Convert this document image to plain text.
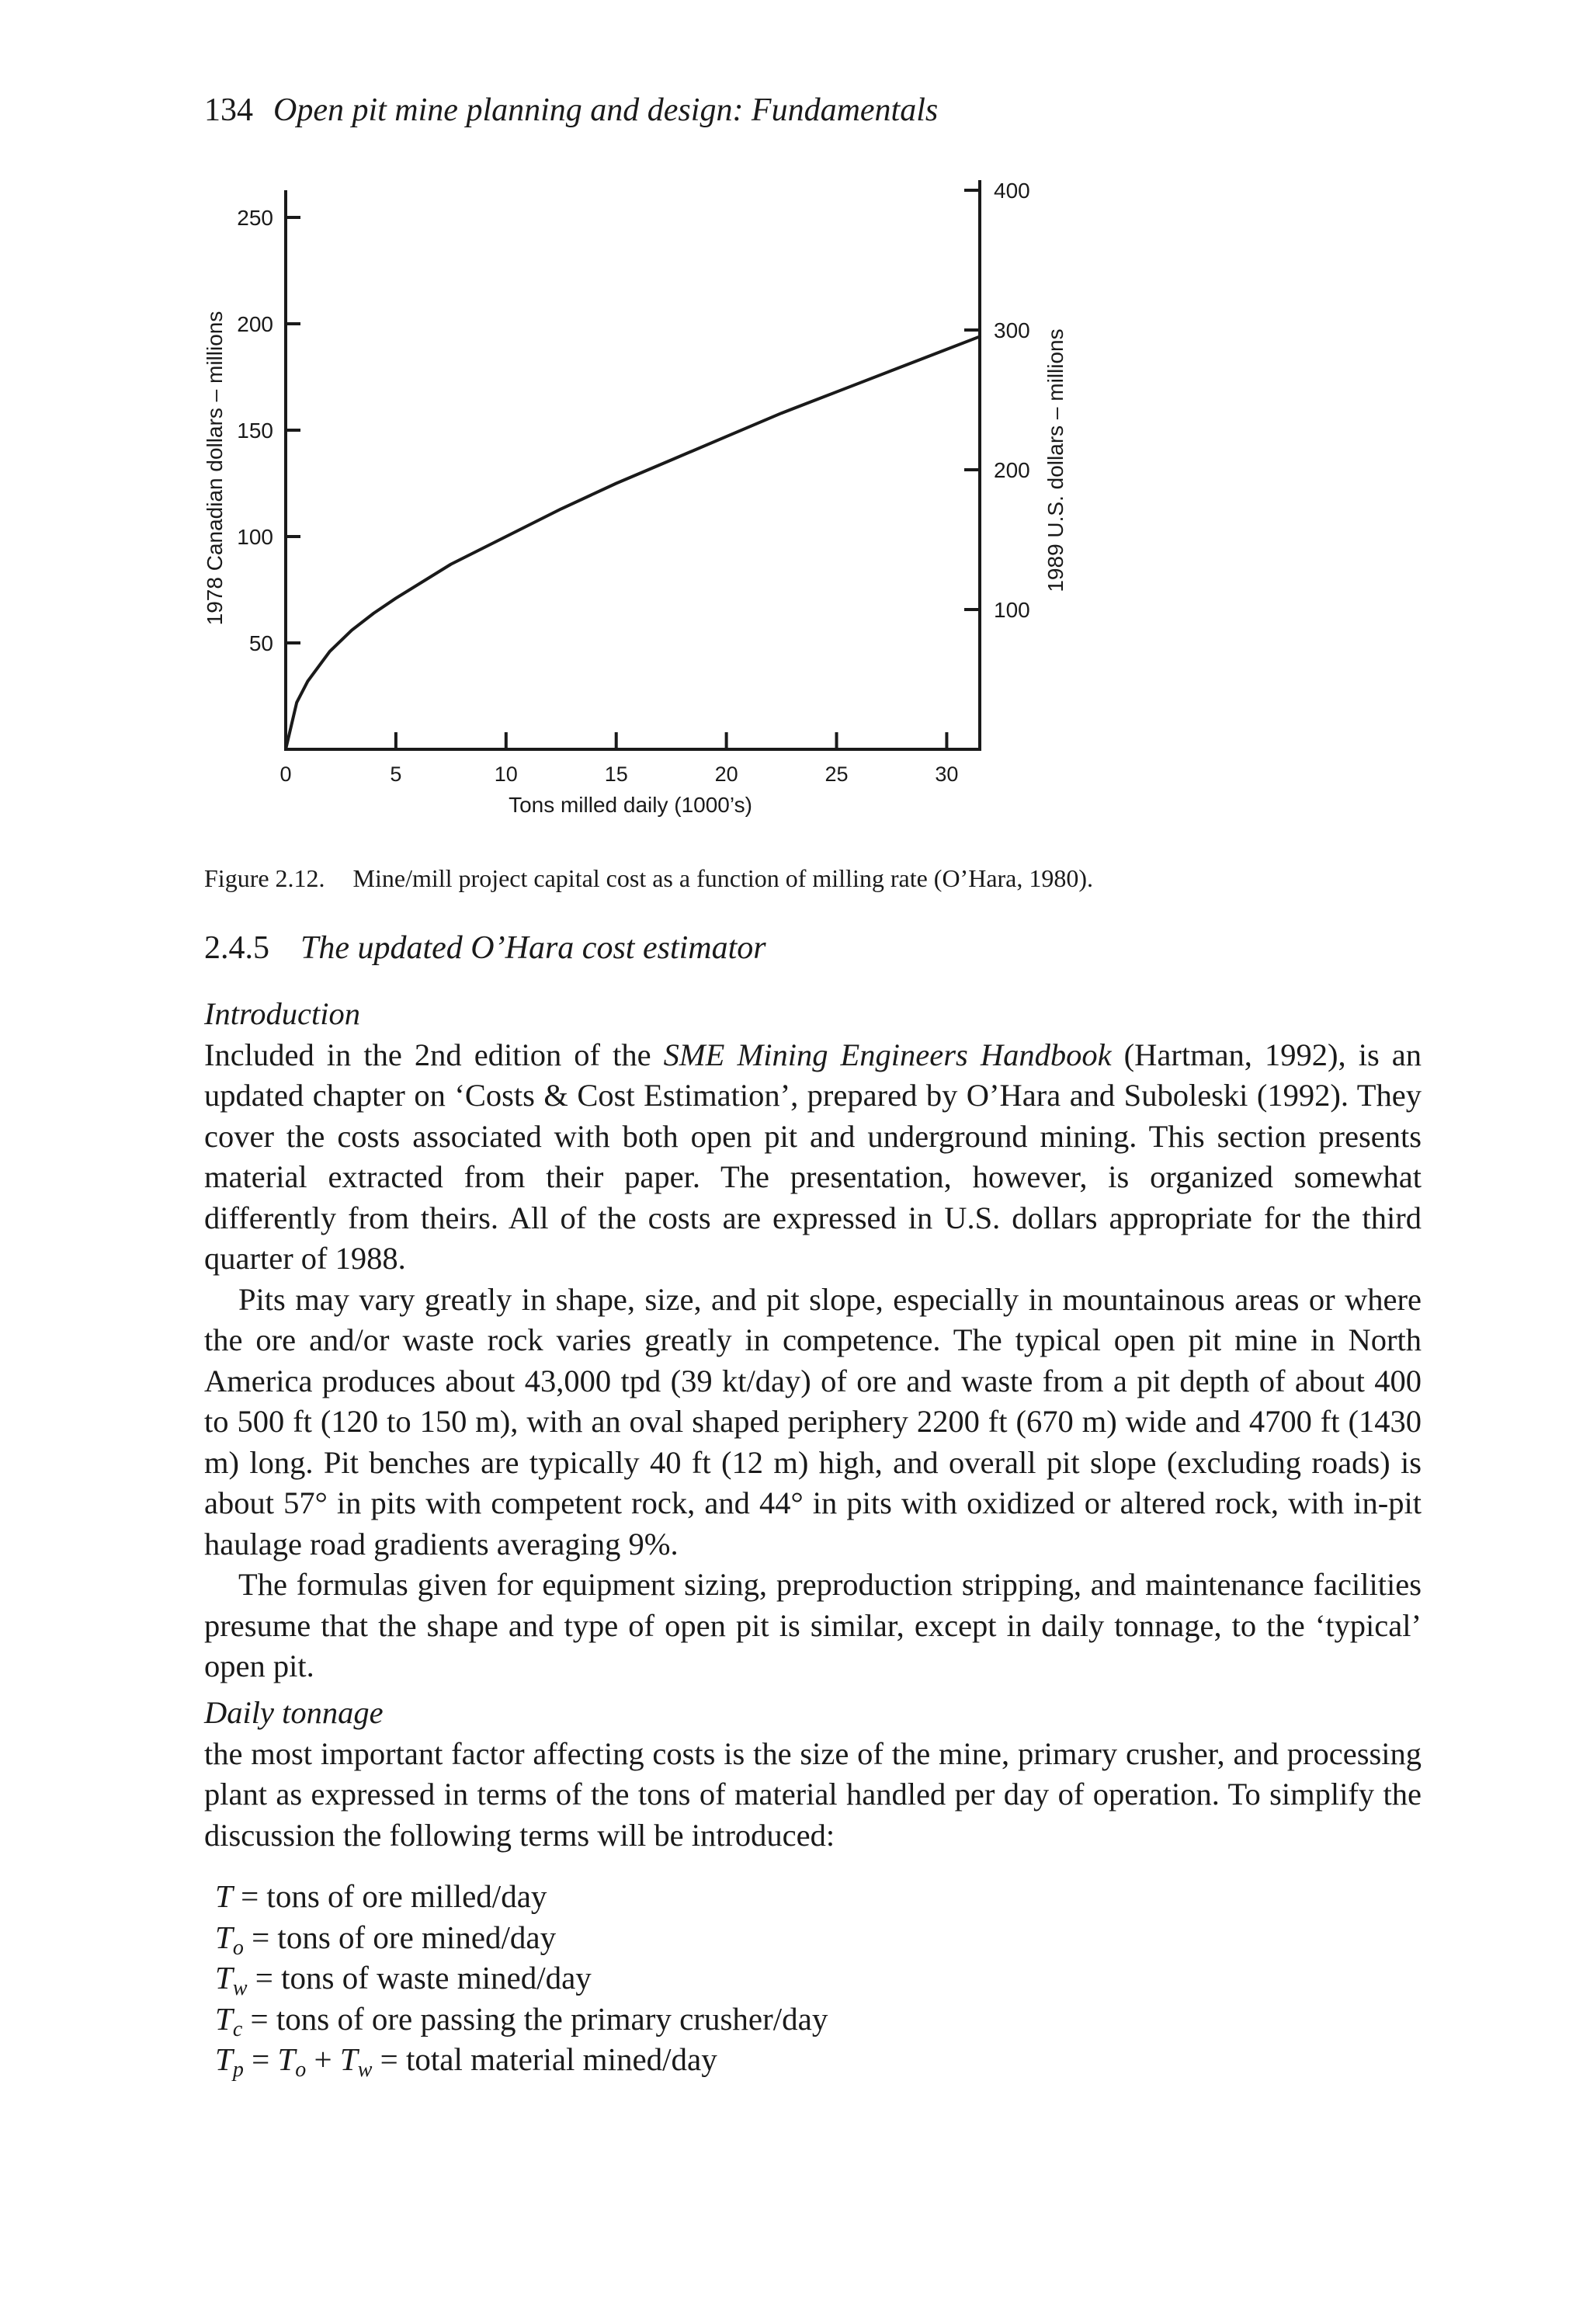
134 Open pit mine planning and design: Fundamentals
0	5	10	15	20	25	30
50
100
150
200
250
100
200
300
400
Tons milled daily (1000’s)
1978 Canadian dollars – millions	1989 U.S. dollars – millions
Figure 2.12. Mine/mill project capital cost as a function of milling rate (O’Hara, 1980).
2.4.5 The updated O’Hara cost estimator
Introduction

Included in the 2nd edition of the SME Mining Engineers Handbook (Hartman, 1992), is an updated chapter on ‘Costs & Cost Estimation’, prepared by O’Hara and Suboleski (1992). They cover the costs associated with both open pit and underground mining. This section presents material extracted from their paper. The presentation, however, is organized somewhat differently from theirs. All of the costs are expressed in U.S. dollars appropriate for the third quarter of 1988.

Pits may vary greatly in shape, size, and pit slope, especially in mountainous areas or where the ore and/or waste rock varies greatly in competence. The typical open pit mine in North America produces about 43,000 tpd (39 kt/day) of ore and waste from a pit depth of about 400 to 500 ft (120 to 150 m), with an oval shaped periphery 2200 ft (670 m) wide and 4700 ft (1430 m) long. Pit benches are typically 40 ft (12 m) high, and overall pit slope (excluding roads) is about 57° in pits with competent rock, and 44° in pits with oxidized or altered rock, with in-pit haulage road gradients averaging 9%.

The formulas given for equipment sizing, preproduction stripping, and maintenance facilities presume that the shape and type of open pit is similar, except in daily tonnage, to the ‘typical’ open pit.

Daily tonnage

the most important factor affecting costs is the size of the mine, primary crusher, and processing plant as expressed in terms of the tons of material handled per day of operation. To simplify the discussion the following terms will be introduced:

T = tons of ore milled/day
$T_o$ = tons of ore mined/day
$T_w$ = tons of waste mined/day
$T_c$ = tons of ore passing the primary crusher/day
$T_p = T_o + T_w$ = total material mined/day
